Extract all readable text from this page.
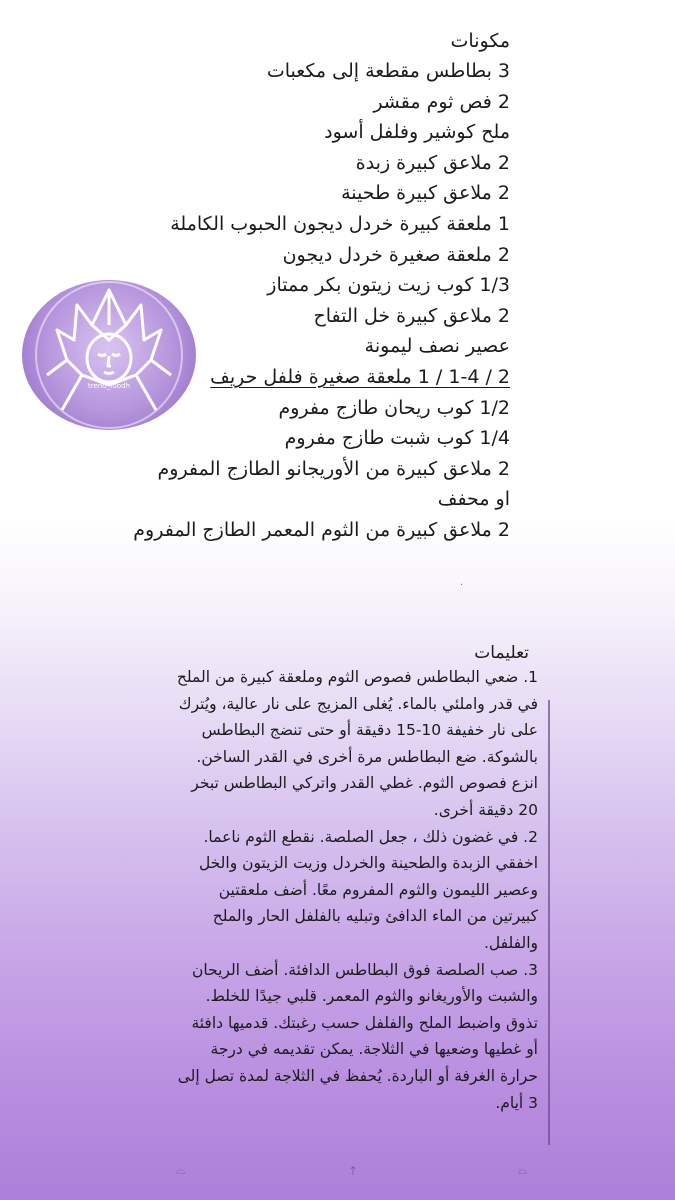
مكونات
3 بطاطس مقطعة إلى مكعبات
2 فص ثوم مقشر
ملح كوشير وفلفل أسود
2 ملاعق كبيرة زبدة
2 ملاعق كبيرة طحينة
1 ملعقة كبيرة خردل ديجون الحبوب الكاملة
2 ملعقة صغيرة خردل ديجون
1/3 كوب زيت زيتون بكر ممتاز
2 ملاعق كبيرة خل التفاح
عصير نصف ليمونة
2 / 1-4 / 1 ملعقة صغيرة فلفل حريف
1/2 كوب ريحان طازج مفروم
1/4 كوب شبت طازج مفروم
2 ملاعق كبيرة من الأوريجانو الطازج المفروم او محفف
2 ملاعق كبيرة من الثوم المعمر الطازج المفروم
trend_foodh
تعليمات

1. ضعي البطاطس فصوص الثوم وملعقة كبيرة من الملح في قدر واملئي بالماء. يُغلى المزيج على نار عالية، ويُترك على نار خفيفة 10-15 دقيقة أو حتى تنضج البطاطس بالشوكة. ضع البطاطس مرة أخرى في القدر الساخن. انزع فصوص الثوم. غطي القدر واتركي البطاطس تبخر 20 دقيقة أخرى.

2. في غضون ذلك ، جعل الصلصة. نقطع الثوم ناعما. اخفقي الزبدة والطحينة والخردل وزيت الزيتون والخل وعصير الليمون والثوم المفروم معًا. أضف ملعقتين كبيرتين من الماء الدافئ وتبليه بالفلفل الحار والملح والفلفل.

3. صب الصلصة فوق البطاطس الدافئة. أضف الريحان والشبت والأوريغانو والثوم المعمر. قلبي جيدًا للخلط. تذوق واضبط الملح والفلفل حسب رغبتك. قدميها دافئة أو غطيها وضعيها في الثلاجة. يمكن تقديمه في درجة حرارة الغرفة أو الباردة. يُحفظ في الثلاجة لمدة تصل إلى 3 أيام.

·
⌓	↑	⌓
